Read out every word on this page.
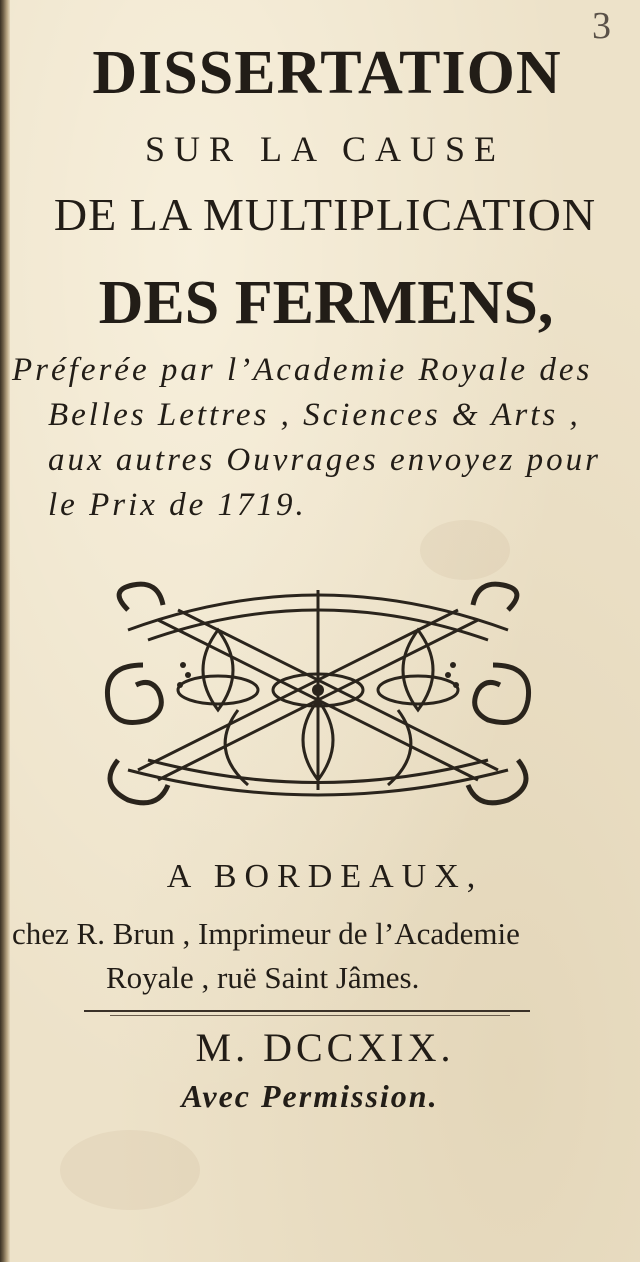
3
DISSERTATION
SUR LA CAUSE
DE LA MULTIPLICATION
DES FERMENS,

Préferée par l’Academie Royale des
Belles Lettres , Sciences & Arts ,
aux autres Ouvrages envoyez pour
le Prix de 1719.

A BORDEAUX,

chez R. Brun , Imprimeur de l’Academie
Royale , ruë Saint Jâmes.

M. DCCXIX.
Avec Permission.
